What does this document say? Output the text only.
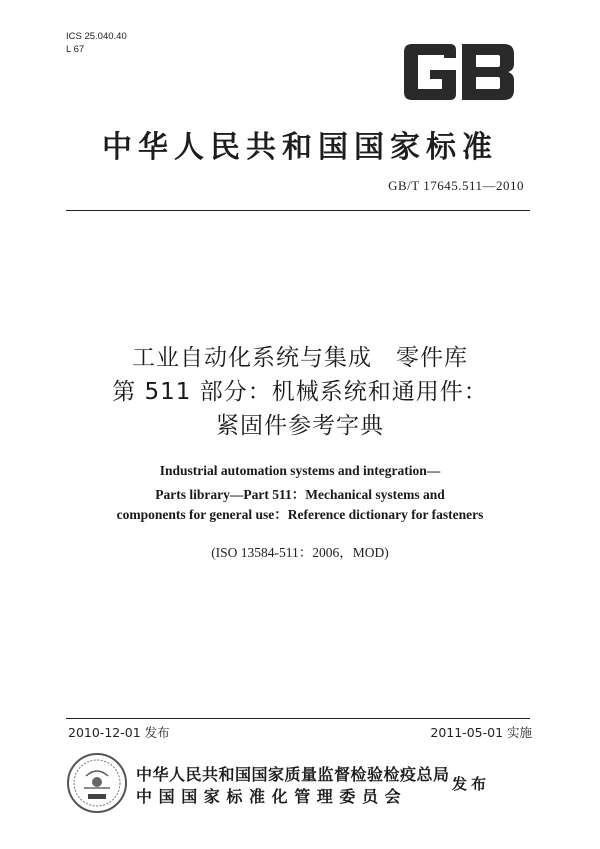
ICS 25.040.40
L 67
中华人民共和国国家标准
GB/T 17645.511—2010
工业自动化系统与集成　零件库
第 511 部分：机械系统和通用件：
紧固件参考字典
Industrial automation systems and integration—
Parts library—Part 511：Mechanical systems and
components for general use：Reference dictionary for fasteners
(ISO 13584-511：2006，MOD)
2010-12-01 发布	2011-05-01 实施
中华人民共和国国家质量监督检验检疫总局
中国国家标准化管理委员会
发布
